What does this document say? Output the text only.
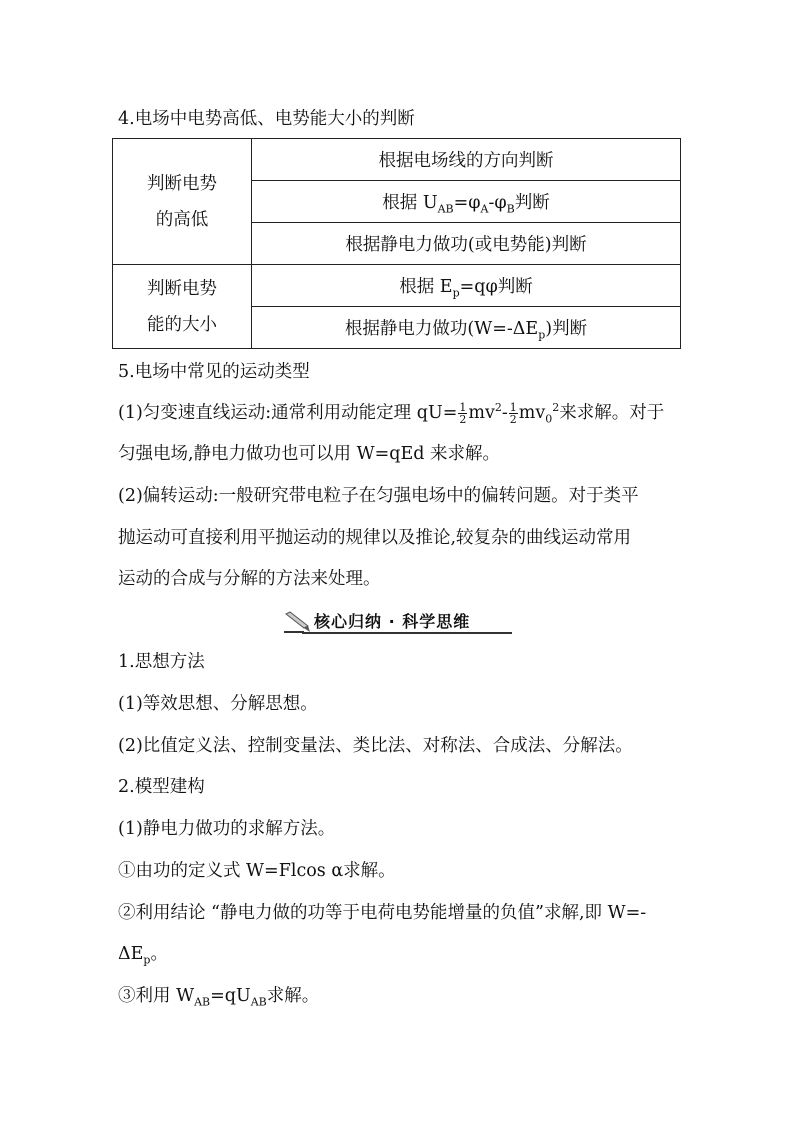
4.电场中电势高低、电势能大小的判断
判断电势
的高低	根据电场线的方向判断
	根据 $U_{AB}=\varphi_A-\varphi_B$判断
	根据静电力做功(或电势能)判断
判断电势
能的大小	根据 $E_p=q\varphi$判断
	根据静电力做功$(W=-\Delta E_p)$判断
5.电场中常见的运动类型
(1)匀变速直线运动:通常利用动能定理 $qU= \frac{1}{2} mv^2- \frac{1}{2} mv_0^2$来求解。对于
匀强电场,静电力做功也可以用 W=qEd 来求解。
(2)偏转运动:一般研究带电粒子在匀强电场中的偏转问题。对于类平
抛运动可直接利用平抛运动的规律以及推论,较复杂的曲线运动常用
运动的合成与分解的方法来处理。
核心归纳 · 科学思维
1.思想方法
(1)等效思想、分解思想。
(2)比值定义法、控制变量法、类比法、对称法、合成法、分解法。
2.模型建构
(1)静电力做功的求解方法。
①由功的定义式 W=Flcos α求解。
②利用结论 “静电力做的功等于电荷电势能增量的负值”求解,即 W=-
$\Delta E_p$。
③利用 $W_{AB}=qU_{AB}$求解。
